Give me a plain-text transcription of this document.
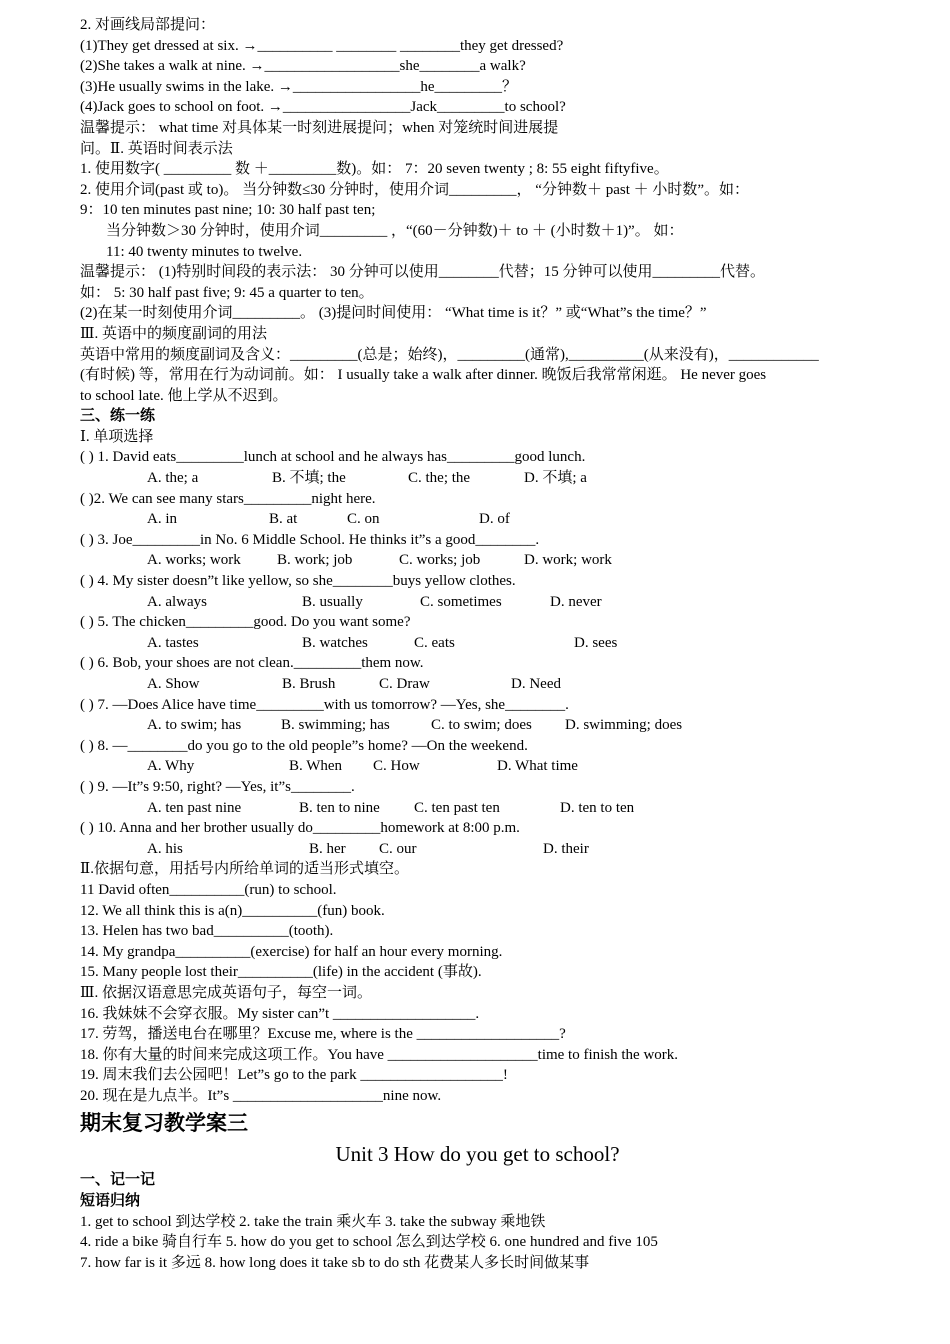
2. 对画线局部提问：
(1)They get dressed at six. →__________ ________ ________they get dressed?
(2)She takes a walk at nine. →__________________she________a walk?
(3)He usually swims in the lake. →_________________he_________？
(4)Jack goes to school on foot. →_________________Jack_________to school?
温馨提示： what time 对具体某一时刻进展提问；when 对笼统时间进展提
问。Ⅱ. 英语时间表示法
1. 使用数字( _________ 数 ＋_________数)。如： 7：20 seven twenty ; 8: 55 eight fiftyfive。
2. 使用介词(past 或 to)。 当分钟数≤30 分钟时，使用介词_________， “分钟数＋ past ＋ 小时数”。如：
9：10 ten minutes past nine; 10: 30 half past ten;
当分钟数＞30 分钟时，使用介词_________ ，“(60－分钟数)＋ to ＋ (小时数＋1)”。 如：
11: 40 twenty minutes to twelve.
温馨提示： (1)特别时间段的表示法： 30 分钟可以使用________代替；15 分钟可以使用_________代替。
如： 5: 30 half past five; 9: 45 a quarter to ten。
(2)在某一时刻使用介词_________。 (3)提问时间使用： “What time is it？” 或“What”s the time？”
Ⅲ. 英语中的频度副词的用法
英语中常用的频度副词及含义：_________(总是；始终)，_________(通常),__________(从来没有)，____________
(有时候) 等，常用在行为动词前。如： I usually take a walk after dinner. 晚饭后我常常闲逛。 He never goes
to school late. 他上学从不迟到。
三、练一练
Ⅰ. 单项选择
( ) 1. David eats_________lunch at school and he always has_________good lunch.
A. the; a	B. 不填; the	C. the; the	D. 不填; a
( )2. We can see many stars_________night here.
A. in	B. at	C. on	D. of
( ) 3. Joe_________in No. 6 Middle School. He thinks it”s a good________.
A. works; work B. work; job	C. works; job	D. work; work
( ) 4. My sister doesn”t like yellow, so she________buys yellow clothes.
A. always	B. usually	C. sometimes	D. never
( ) 5. The chicken_________good. Do you want some?
A. tastes	B. watches	C. eats	D. sees
( ) 6. Bob, your shoes are not clean._________them now.
A. Show	B. Brush	C. Draw	D. Need
( ) 7. —Does Alice have time_________with us tomorrow? —Yes, she________.
A. to swim; has	B. swimming; has	C. to swim; does D. swimming; does
( ) 8. —________do you go to the old people”s home? —On the weekend.
A. Why	B. When C. How	D. What time
( ) 9. —It”s 9:50, right? —Yes, it”s________.
A. ten past nine	B. ten to nine C. ten past ten	D. ten to ten
( ) 10. Anna and her brother usually do_________homework at 8:00 p.m.
A. his	B. her C. our	D. their
Ⅱ.依据句意，用括号内所给单词的适当形式填空。
11 David often__________(run) to school.
12. We all think this is a(n)__________(fun) book.
13. Helen has two bad__________(tooth).
14. My grandpa__________(exercise) for half an hour every morning.
15. Many people lost their__________(life) in the accident (事故).
Ⅲ. 依据汉语意思完成英语句子，每空一词。
16. 我妹妹不会穿衣服。My sister can”t ___________________.
17. 劳驾，播送电台在哪里？Excuse me, where is the ___________________?
18. 你有大量的时间来完成这项工作。You have ____________________time to finish the work.
19. 周末我们去公园吧！Let”s go to the park ___________________!
20. 现在是九点半。It”s ____________________nine now.
期末复习教学案三
Unit 3 How do you get to school?
一、记一记
短语归纳
1. get to school 到达学校 2. take the train 乘火车 3. take the subway 乘地铁
4. ride a bike 骑自行车 5. how do you get to school 怎么到达学校 6. one hundred and five 105
7. how far is it 多远 8. how long does it take sb to do sth 花费某人多长时间做某事
